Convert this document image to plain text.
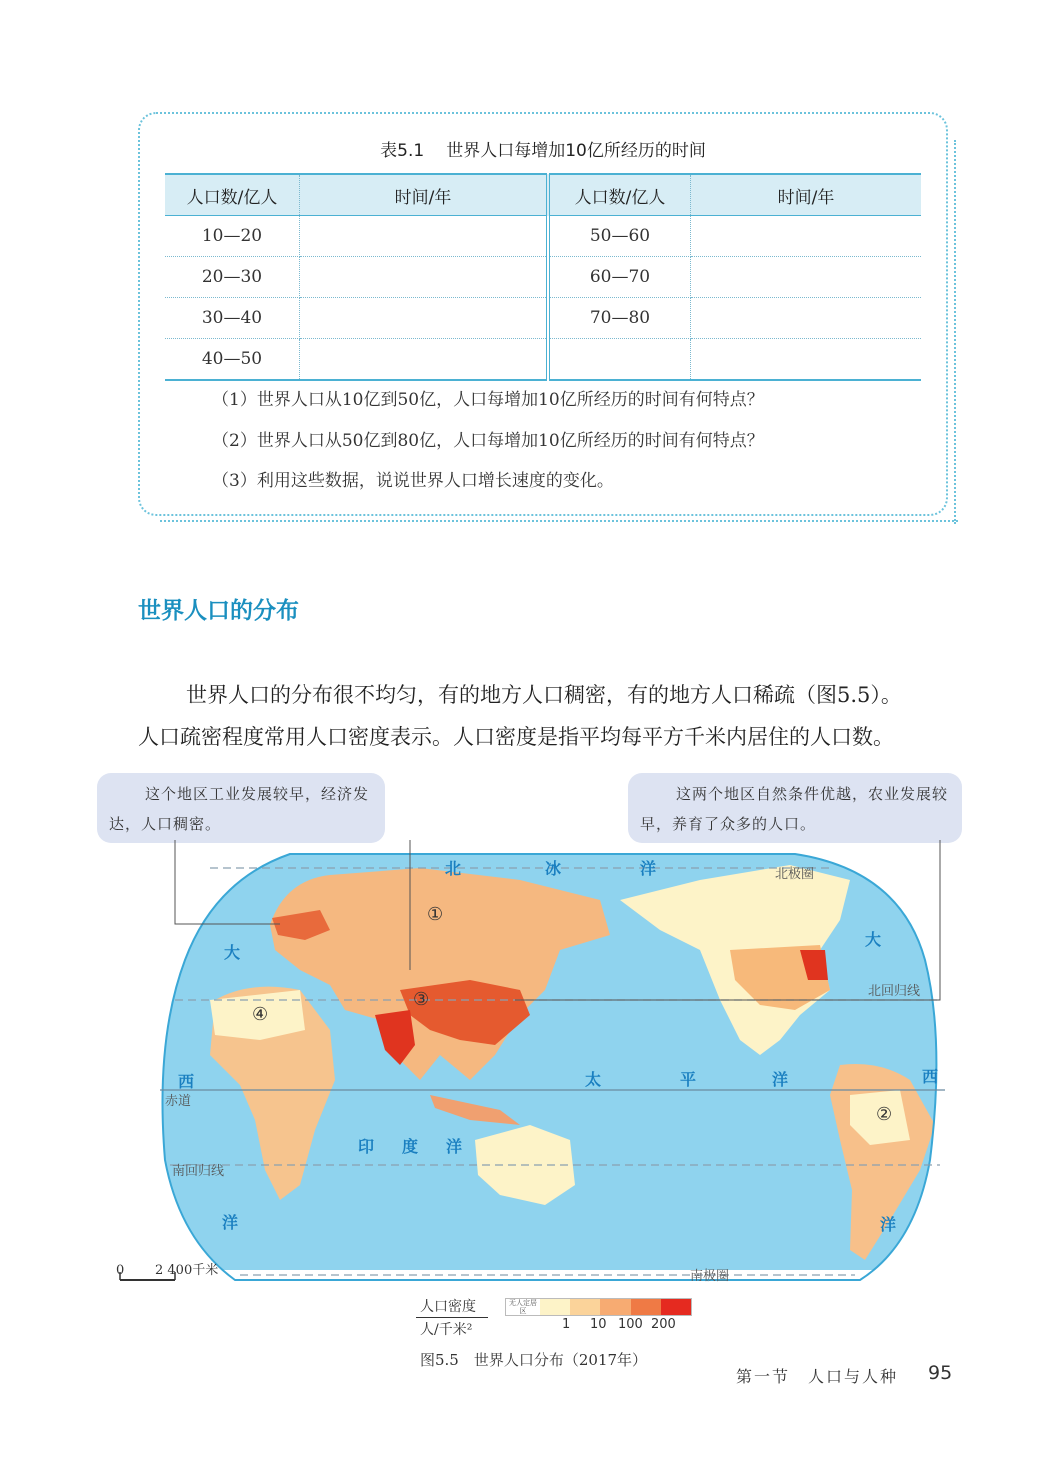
表5.1 世界人口每增加10亿所经历的时间
人口数/亿人	时间/年	人口数/亿人	时间/年
10—20		50—60	
20—30		60—70	
30—40		70—80	
40—50			
（1）世界人口从10亿到50亿，人口每增加10亿所经历的时间有何特点？
（2）世界人口从50亿到80亿，人口每增加10亿所经历的时间有何特点？
（3）利用这些数据，说说世界人口增长速度的变化。
世界人口的分布
世界人口的分布很不均匀，有的地方人口稠密，有的地方人口稀疏（图5.5）。
人口疏密程度常用人口密度表示。人口密度是指平均每平方千米内居住的人口数。
这个地区工业发展较早，经济发达，人口稠密。
这两个地区自然条件优越，农业发展较早，养育了众多的人口。
北极圈
北回归线
赤道
南回归线
南极圈
北	冰	洋
大
西
洋
大
西
洋
太	平	洋
印 度 洋
①
②
③
④
0 2 400千米
人口密度
人/千米²
无人定居区
1 10 100 200
图5.5　世界人口分布（2017年）
第一节　人口与人种 95
